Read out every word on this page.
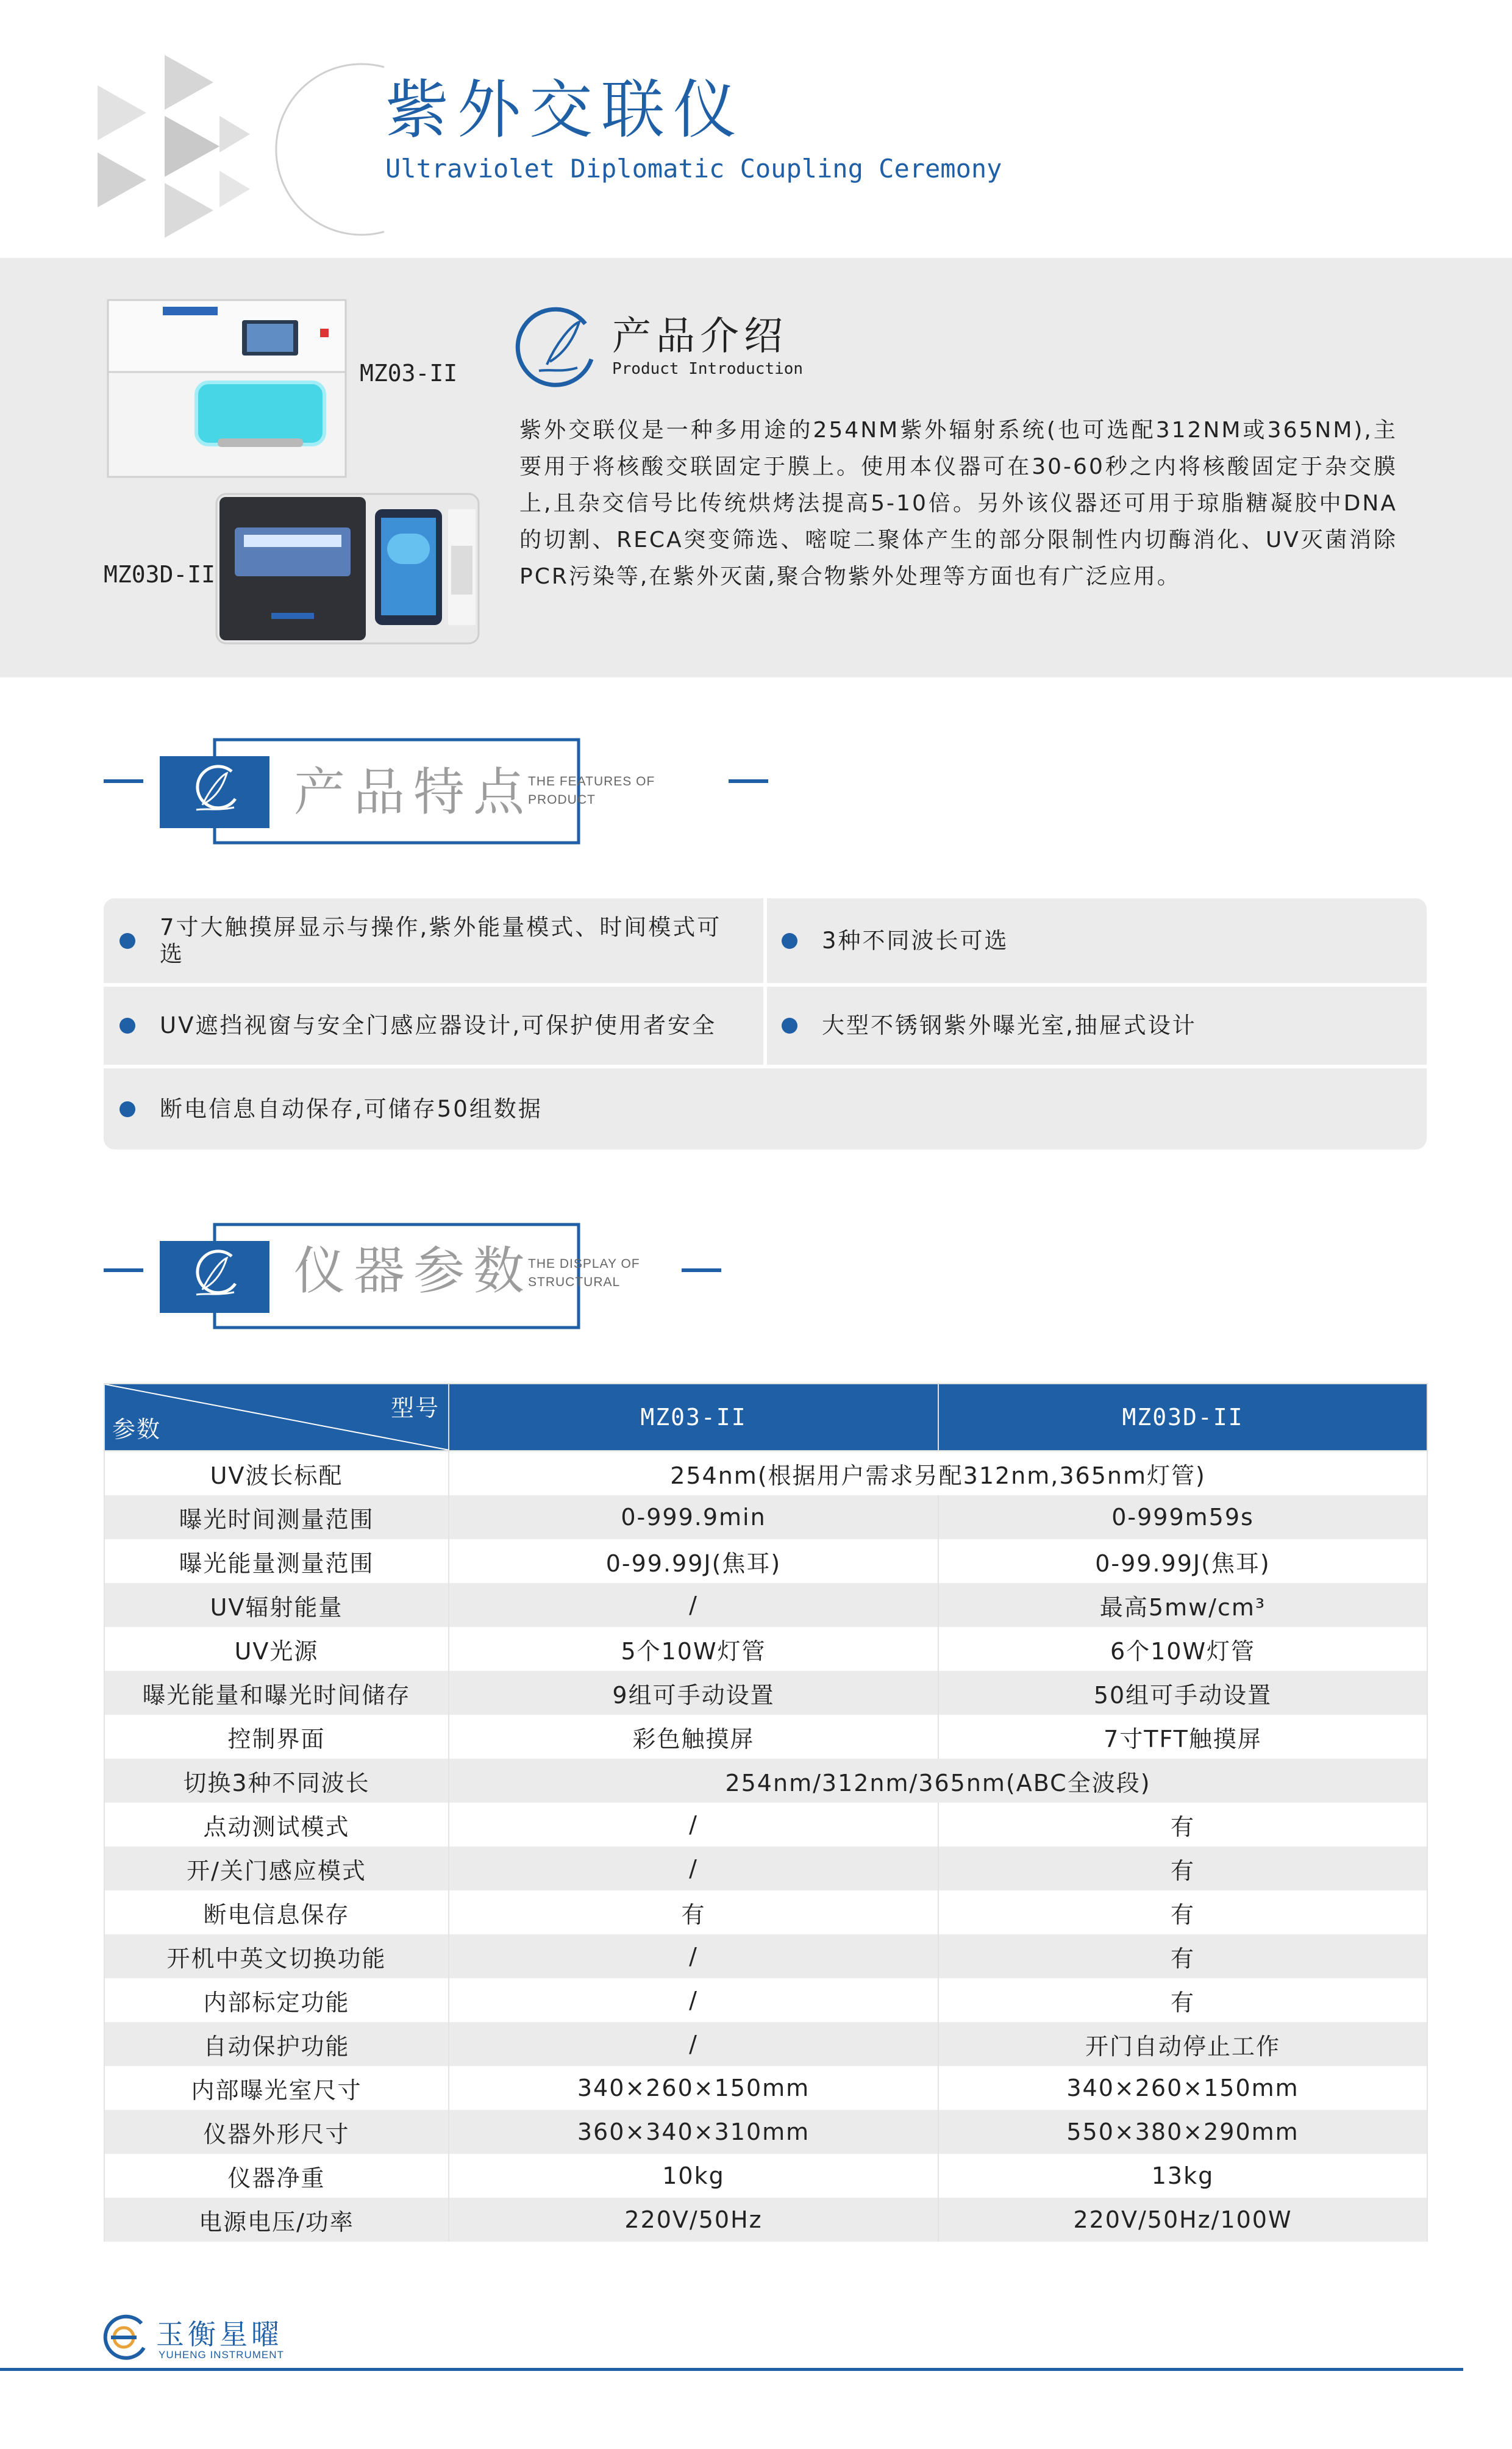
紫外交联仪
Ultraviolet Diplomatic Coupling Ceremony
MZ03-II
MZ03D-II
产品介绍
Product Introduction
紫外交联仪是一种多用途的254NM紫外辐射系统(也可选配312NM或365NM),主要用于将核酸交联固定于膜上。使用本仪器可在30-60秒之内将核酸固定于杂交膜上,且杂交信号比传统烘烤法提高5-10倍。另外该仪器还可用于琼脂糖凝胶中DNA的切割、RECA突变筛选、嘧啶二聚体产生的部分限制性内切酶消化、UV灭菌消除PCR污染等,在紫外灭菌,聚合物紫外处理等方面也有广泛应用。
产品特点
THE FEATURES OF
PRODUCT
7寸大触摸屏显示与操作,紫外能量模式、时间模式可选
3种不同波长可选
UV遮挡视窗与安全门感应器设计,可保护使用者安全	大型不锈钢紫外曝光室,抽屉式设计
断电信息自动保存,可储存50组数据
仪器参数
THE DISPLAY OF
STRUCTURAL
型号
参数	MZ03-II	MZ03D-II
UV波长标配	254nm(根据用户需求另配312nm,365nm灯管)	
曝光时间测量范围	0-999.9min	0-999m59s
曝光能量测量范围	0-99.99J(焦耳)	0-99.99J(焦耳)
UV辐射能量	/	最高5mw/cm³
UV光源	5个10W灯管	6个10W灯管
曝光能量和曝光时间储存	9组可手动设置	50组可手动设置
控制界面	彩色触摸屏	7寸TFT触摸屏
切换3种不同波长	254nm/312nm/365nm(ABC全波段)	
点动测试模式	/	有
开/关门感应模式	/	有
断电信息保存	有	有
开机中英文切换功能	/	有
内部标定功能	/	有
自动保护功能	/	开门自动停止工作
内部曝光室尺寸	340×260×150mm	340×260×150mm
仪器外形尺寸	360×340×310mm	550×380×290mm
仪器净重	10kg	13kg
电源电压/功率	220V/50Hz	220V/50Hz/100W
玉衡星曜
YUHENG INSTRUMENT
